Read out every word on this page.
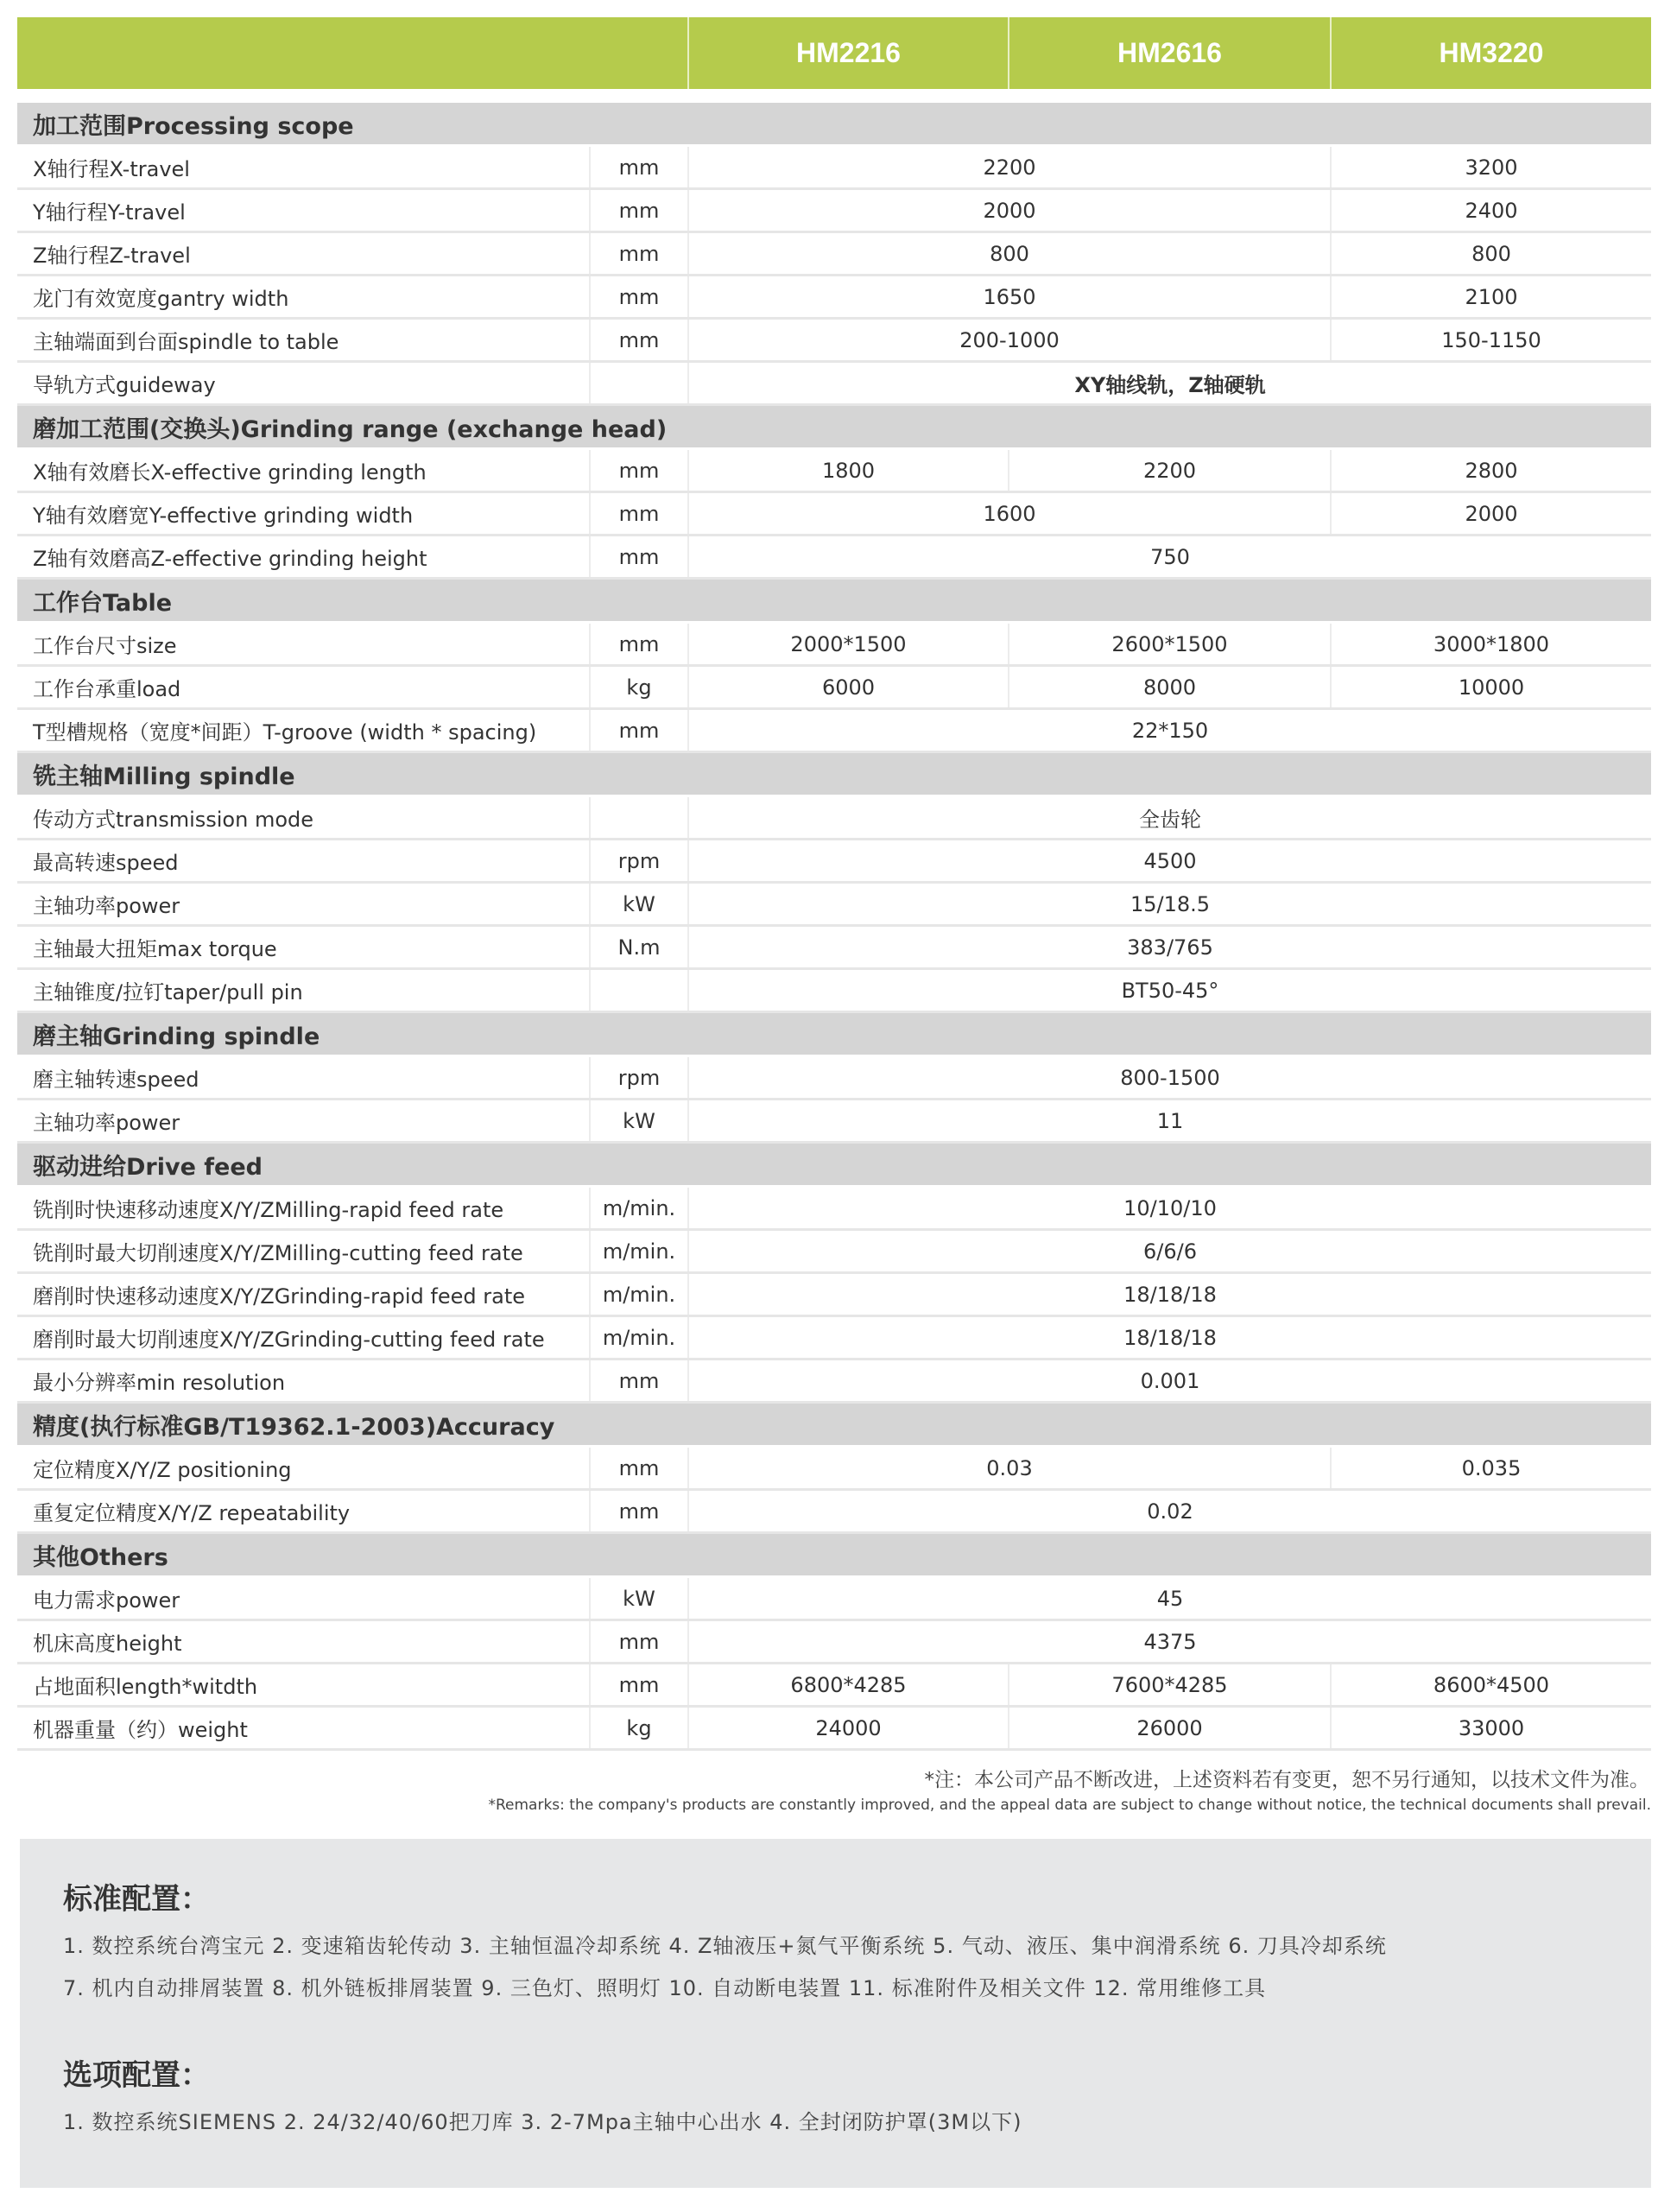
		HM2216	HM2616	HM3220

加工范围Processing scope				
X轴行程X-travel	mm	2200		3200
Y轴行程Y-travel	mm	2000		2400
Z轴行程Z-travel	mm	800		800
龙门有效宽度gantry width	mm	1650		2100
主轴端面到台面spindle to table	mm	200-1000		150-1150
导轨方式guideway		XY轴线轨，Z轴硬轨		
磨加工范围(交换头)Grinding range (exchange head)				
X轴有效磨长X-effective grinding length	mm	1800	2200	2800
Y轴有效磨宽Y-effective grinding width	mm	1600		2000
Z轴有效磨高Z-effective grinding height	mm	750		
工作台Table				
工作台尺寸size	mm	2000*1500	2600*1500	3000*1800
工作台承重load	kg	6000	8000	10000
T型槽规格（宽度*间距）T-groove (width * spacing)	mm	22*150		
铣主轴Milling spindle				
传动方式transmission mode		全齿轮		
最高转速speed	rpm	4500		
主轴功率power	kW	15/18.5		
主轴最大扭矩max torque	N.m	383/765		
主轴锥度/拉钉taper/pull pin		BT50-45°		
磨主轴Grinding spindle				
磨主轴转速speed	rpm	800-1500		
主轴功率power	kW	11		
驱动进给Drive feed				
铣削时快速移动速度X/Y/ZMilling-rapid feed rate	m/min.	10/10/10		
铣削时最大切削速度X/Y/ZMilling-cutting feed rate	m/min.	6/6/6		
磨削时快速移动速度X/Y/ZGrinding-rapid feed rate	m/min.	18/18/18		
磨削时最大切削速度X/Y/ZGrinding-cutting feed rate	m/min.	18/18/18		
最小分辨率min resolution	mm	0.001		
精度(执行标准GB/T19362.1-2003)Accuracy				
定位精度X/Y/Z positioning	mm	0.03		0.035
重复定位精度X/Y/Z repeatability	mm	0.02		
其他Others				
电力需求power	kW	45		
机床高度height	mm	4375		
占地面积length*witdth	mm	6800*4285	7600*4285	8600*4500
机器重量（约）weight	kg	24000	26000	33000
*注：本公司产品不断改进，上述资料若有变更，恕不另行通知，以技术文件为准。
*Remarks: the company's products are constantly improved, and the appeal data are subject to change without notice, the technical documents shall prevail.
标准配置：

1. 数控系统台湾宝元 2. 变速箱齿轮传动 3. 主轴恒温冷却系统 4. Z轴液压+氮气平衡系统 5. 气动、液压、集中润滑系统 6. 刀具冷却系统

7. 机内自动排屑装置 8. 机外链板排屑装置 9. 三色灯、照明灯 10. 自动断电装置 11. 标准附件及相关文件 12. 常用维修工具

选项配置：

1. 数控系统SIEMENS 2. 24/32/40/60把刀库 3. 2-7Mpa主轴中心出水 4. 全封闭防护罩(3M以下)
